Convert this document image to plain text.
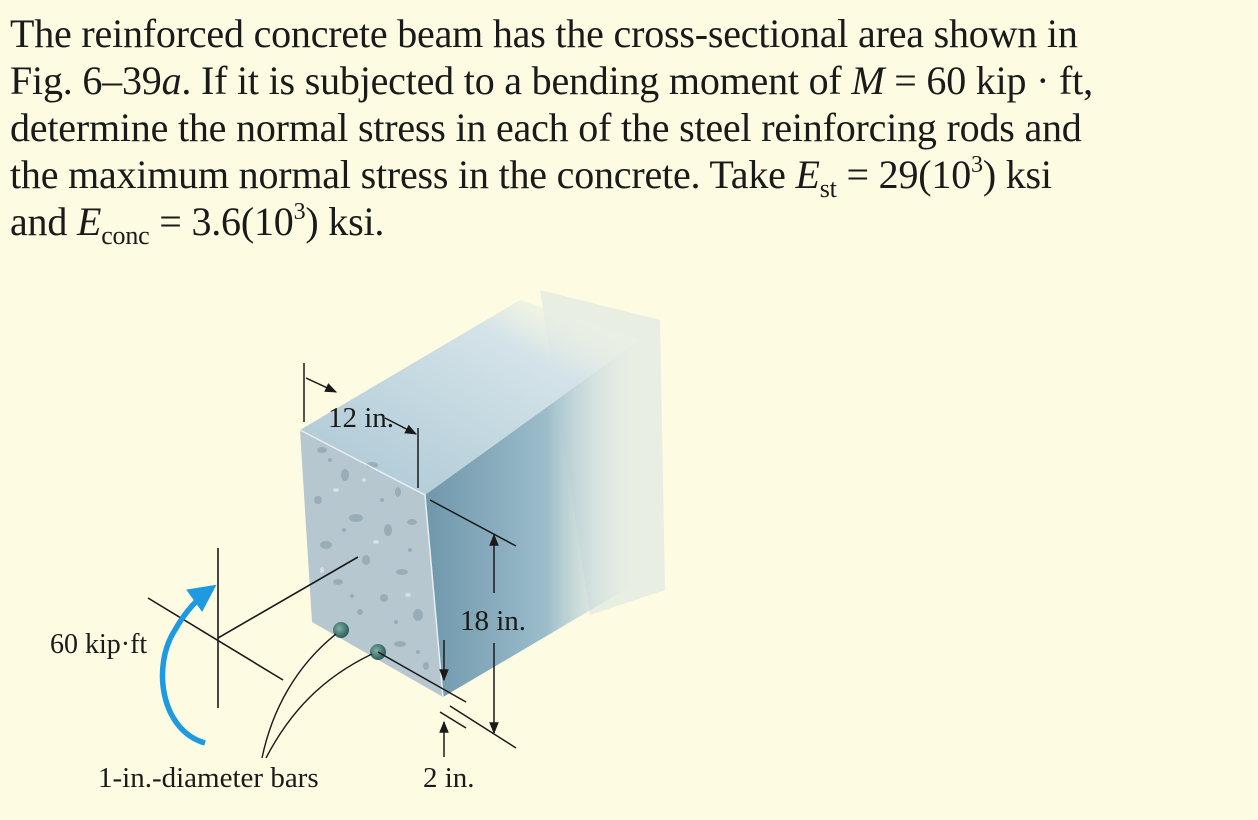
The reinforced concrete beam has the cross-sectional area shown in
Fig. 6–39a. If it is subjected to a bending moment of M = 60 kip · ft,
determine the normal stress in each of the steel reinforcing rods and
the maximum normal stress in the concrete. Take $E_{st} = 29(10^3)$ ksi
and $E_{conc} = 3.6(10^3)$ ksi.
60 kip·ft
12 in.
18 in.
2 in.
1-in.-diameter bars
